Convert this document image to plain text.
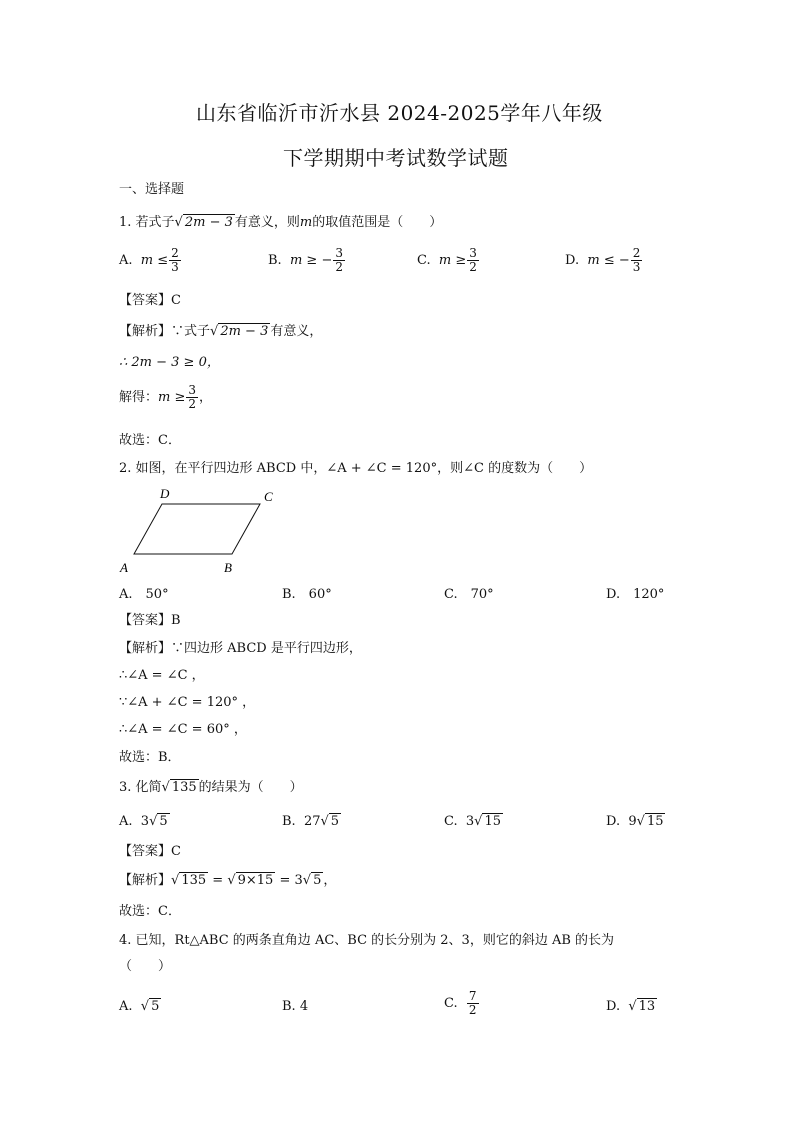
山东省临沂市沂水县 2024-2025学年八年级
下学期期中考试数学试题
一、选择题
1. 若式子√ 2m − 3 有意义，则m的取值范围是（　　）
A. $m \le \frac{2}{3}$	B. m ≥ − $\frac{3}{2}$	C. $m \ge \frac{3}{2}$	D. m ≤ − $\frac{2}{3}$
【答案】C
【解析】∵式子√ 2m − 3 有意义，
∴ 2m − 3 ≥ 0，
解得：$m \ge \frac{3}{2}$ ，
故选：C．
2. 如图，在平行四边形 ABCD 中，∠A + ∠C = 120°，则∠C 的度数为（　　）
A	B
C
D
A.　50°	B.　60°	C.　70°	D.　120°
【答案】B
【解析】∵四边形 ABCD 是平行四边形，
∴∠A = ∠C ，
∵∠A + ∠C = 120° ，
∴∠A = ∠C = 60° ，
故选：B．
3. 化简√ 135 的结果为（　　）
A. 3√ 5	B. 27√ 5	C. 3√ 15	D. 9√ 15
【答案】C
【解析】√ 135 = √ 9×15 = 3√ 5 ，
故选：C．
4. 已知，Rt△ABC 的两条直角边 AC、BC 的长分别为 2、3，则它的斜边 AB 的长为
（　　）
A. √ 5	B. 4	C. $\frac{7}{2}$	D. √ 13
